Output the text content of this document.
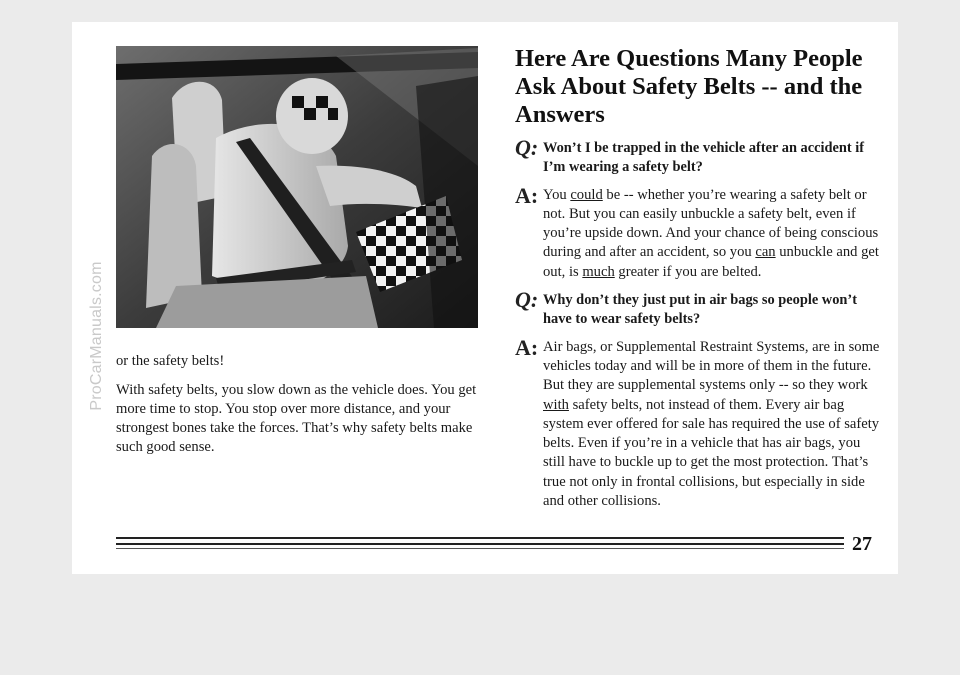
ProCarManuals.com or the safety belts!

With safety belts, you slow down as the vehicle does. You get more time to stop. You stop over more distance, and your strongest bones take the forces. That’s why safety belts make such good sense.

Here Are Questions Many People Ask About Safety Belts -- and the Answers
Q: Won’t I be trapped in the vehicle after an accident if I’m wearing a safety belt?
A: You could be -- whether you’re wearing a safety belt or not. But you can easily unbuckle a safety belt, even if you’re upside down. And your chance of being conscious during and after an accident, so you can unbuckle and get out, is much greater if you are belted.
Q: Why don’t they just put in air bags so people won’t have to wear safety belts?
A: Air bags, or Supplemental Restraint Systems, are in some vehicles today and will be in more of them in the future. But they are supplemental systems only -- so they work with safety belts, not instead of them. Every air bag system ever offered for sale has required the use of safety belts. Even if you’re in a vehicle that has air bags, you still have to buckle up to get the most protection. That’s true not only in frontal collisions, but especially in side and other collisions.
27
